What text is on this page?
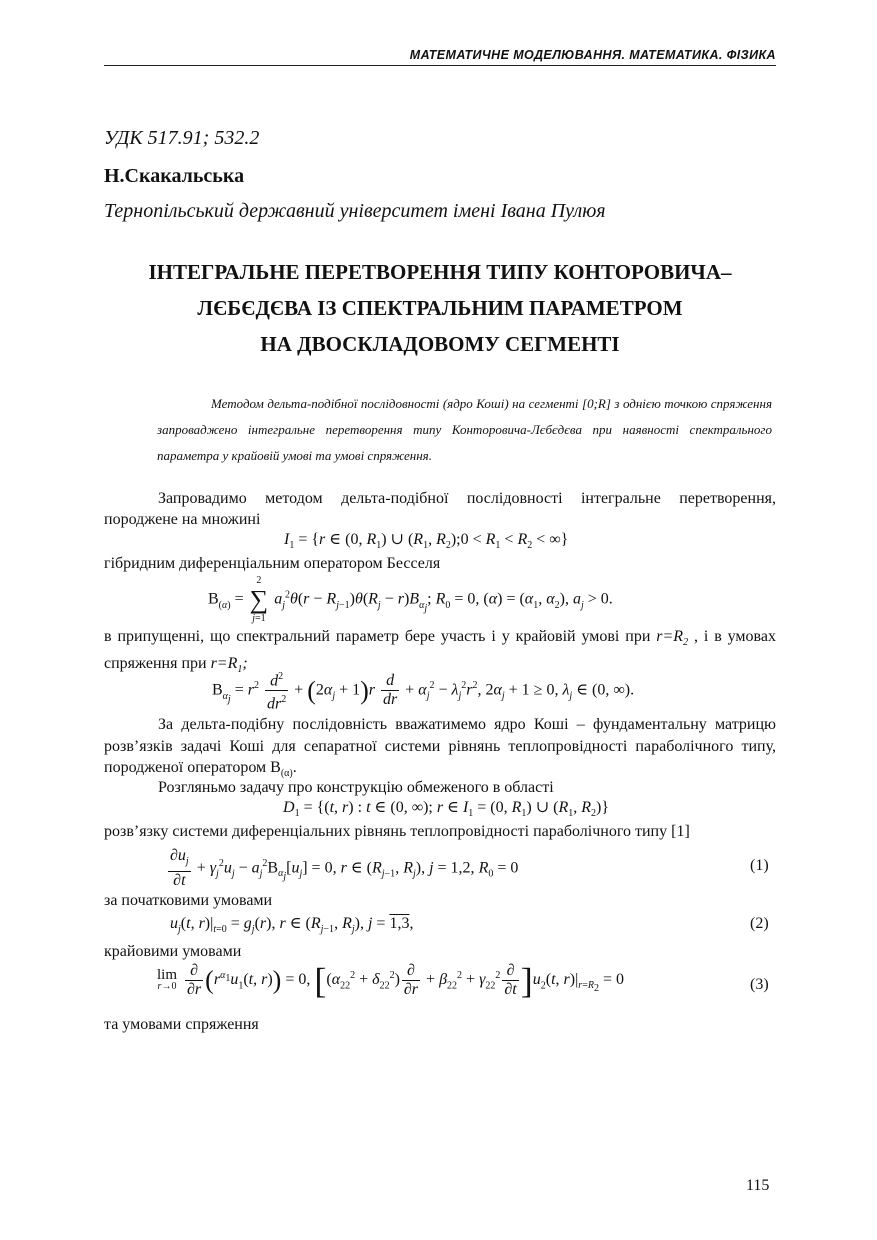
МАТЕМАТИЧНЕ МОДЕЛЮВАННЯ. МАТЕМАТИКА. ФІЗИКА
УДК 517.91; 532.2
Н.Скакальська
Тернопільський державний університет імені Івана Пулюя
ІНТЕГРАЛЬНЕ ПЕРЕТВОРЕННЯ ТИПУ КОНТОРОВИЧА–
ЛЄБЄДЄВА ІЗ СПЕКТРАЛЬНИМ ПАРАМЕТРОМ
НА ДВОСКЛАДОВОМУ СЕГМЕНТІ
Методом дельта-подібної послідовності (ядро Коші) на сегменті [0;R] з однією точкою спряження запроваджено інтегральне перетворення типу Конторовича-Лєбєдєва при наявності спектрального параметра у крайовій умові та умові спряження.

Запровадимо методом дельта-подібної послідовності інтегральне перетворення, породжене на множині

$I_1 = \{r$ ∈ (0, $R_1$) ∪ ($R_1$, $R_2);0 < R_1 < R_2$ < ∞}

гібридним диференціальним оператором Бесселя

$B_{(\alpha)}$ =
2
∑
j=1
$a_j^2\theta(r - R_{j-1})\theta(R_j - r)B_{\alpha_j}$; $R_0 = 0$, $(\alpha) = (\alpha_1$, $\alpha_2$), $a_j > 0$.

в припущенні, що спектральний параметр бере участь і у крайовій умові при $r=R_2$ , і в умовах спряження при $r=R_1$;

$B_{\alpha_j} = r^2 \frac{d^2}{dr^2} + (2\alpha_j + 1)r \frac{d}{dr} + \alpha_j^2 - \lambda_j^2r^2$, $2\alpha_j + 1 \ge 0$, $\lambda_j$ ∈ (0, ∞).

За дельта-подібну послідовність вважатимемо ядро Коші – фундаментальну матрицю розв’язків задачі Коші для сепаратної системи рівнянь теплопровідності параболічного типу, породженої оператором $B_{(\alpha)}$.

Розгляньмо задачу про конструкцію обмеженого в області

$D_1 = \{(t$, r) : t ∈ (0, ∞); r ∈ $I_1 = (0$, $R_1$) ∪ ($R_1$, $R_2$)}

розв’язку системи диференціальних рівнянь теплопровідності параболічного типу [1]

$\frac{\partial u_j}{\partial t} + \gamma_j^2u_j - a_j^2B_{\alpha_j}[u_j] = 0$, r ∈ ($R_{j-1}$, $R_j$), j = 1,2, $R_0 = 0$	(1)

за початковими умовами

$u_j(t$, $r)|_{t=0} = g_j(r)$, r ∈ ($R_{j-1}$, $R_j$), j = 1,3,	(2)

крайовими умовами

lim
r→0
$\frac{\partial}{\partial r} (r^{\alpha_1}u_1(t$, r)) = 0, $[(\alpha_{22}^2 + \delta_{22}^2) \frac{\partial}{\partial r} + \beta_{22}^2 + \gamma_{22}^2 \frac{\partial}{\partial t} ]u_2(t$, $r)|_{r=R_2} = 0$	(3)

та умовами спряження

115
